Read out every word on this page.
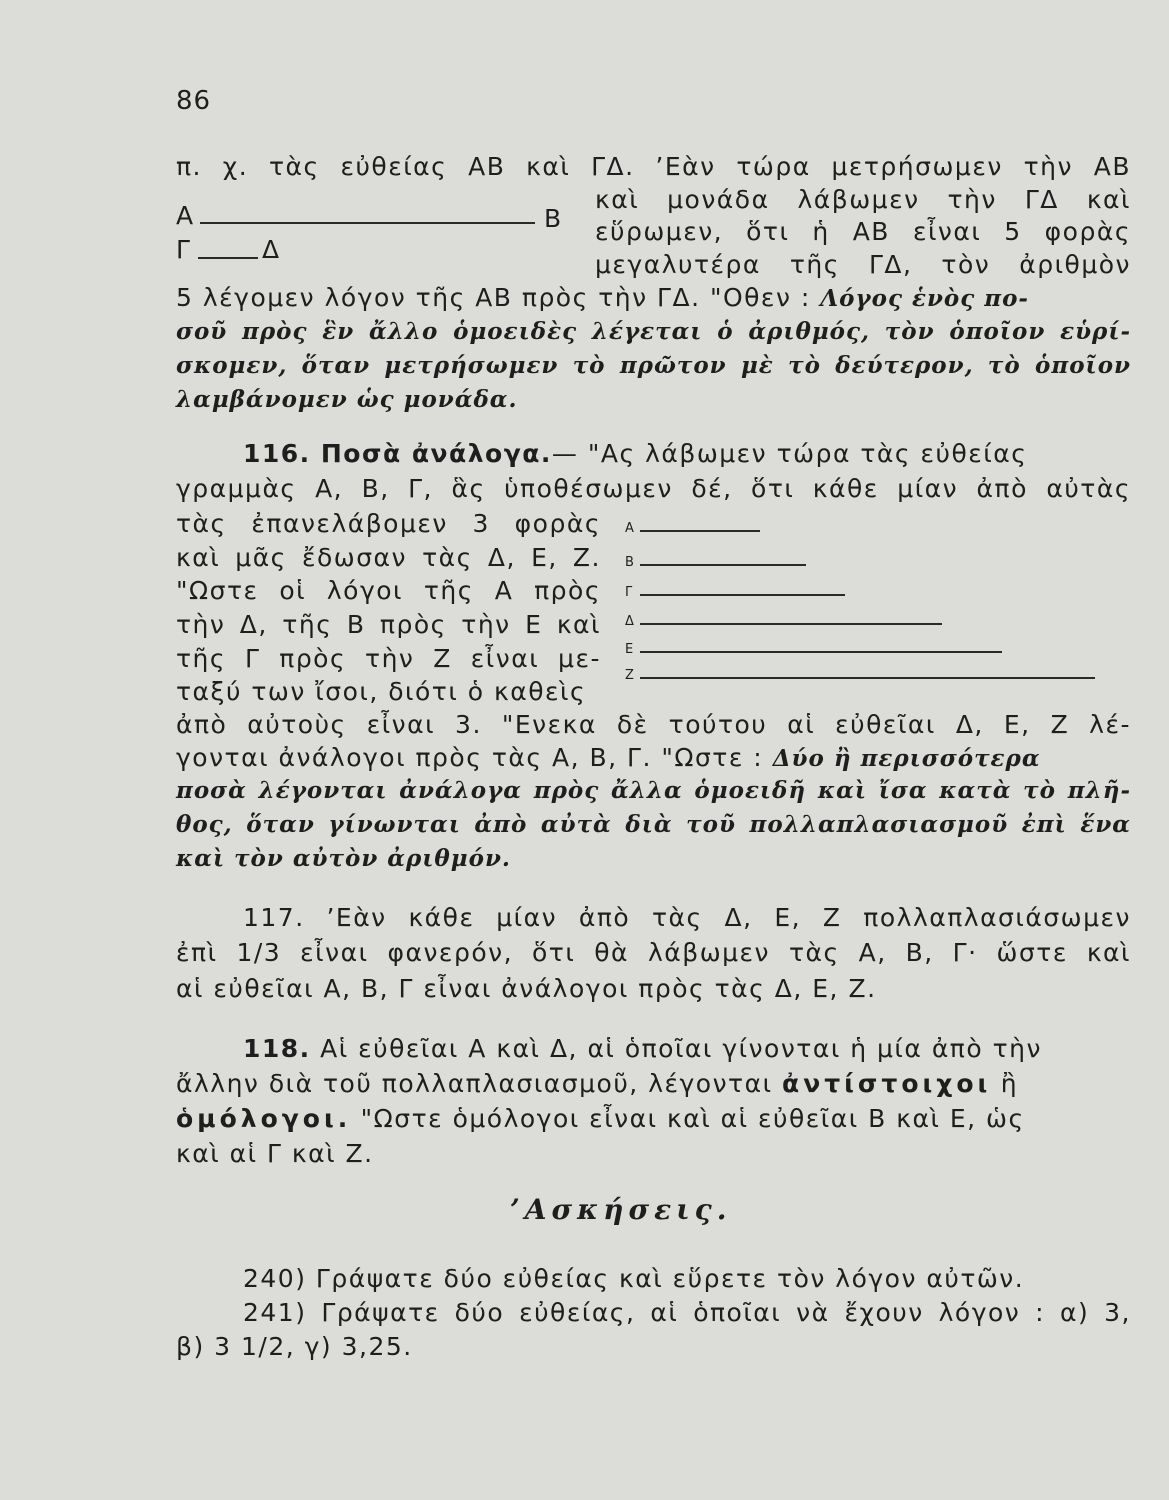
86
π. χ. τὰς εὐθείας ΑΒ καὶ ΓΔ. ’Εὰν τώρα μετρήσωμεν τὴν ΑΒ
Α	Β
Γ	Δ
καὶ μονάδα λάβωμεν τὴν ΓΔ καὶ
εὕρωμεν, ὅτι ἡ ΑΒ εἶναι 5 φορὰς
μεγαλυτέρα τῆς ΓΔ, τὸν ἀριθμὸν
5 λέγομεν λόγον τῆς ΑΒ πρὸς τὴν ΓΔ. "Οθεν : Λόγος ἑνὸς πο-
σοῦ πρὸς ἓν ἄλλο ὁμοειδὲς λέγεται ὁ ἀριθμός, τὸν ὁποῖον εὑρί-
σκομεν, ὅταν μετρήσωμεν τὸ πρῶτον μὲ τὸ δεύτερον, τὸ ὁποῖον
λαμβάνομεν ὡς μονάδα.
116. Ποσὰ ἀνάλογα.— "Ας λάβωμεν τώρα τὰς εὐθείας
γραμμὰς Α, Β, Γ, ἃς ὑποθέσωμεν δέ, ὅτι κάθε μίαν ἀπὸ αὐτὰς
τὰς ἐπανελάβομεν 3 φορὰς
καὶ μᾶς ἔδωσαν τὰς Δ, Ε, Ζ.
"Ωστε οἱ λόγοι τῆς Α πρὸς
τὴν Δ, τῆς Β πρὸς τὴν Ε καὶ
τῆς Γ πρὸς τὴν Ζ εἶναι με-
ταξύ των ἴσοι, διότι ὁ καθεὶς
Α
Β
Γ
Δ
Ε
Ζ
ἀπὸ αὐτοὺς εἶναι 3. "Ενεκα δὲ τούτου αἱ εὐθεῖαι Δ, Ε, Ζ λέ-
γονται ἀνάλογοι πρὸς τὰς Α, Β, Γ. "Ωστε : Δύο ἢ περισσότερα
ποσὰ λέγονται ἀνάλογα πρὸς ἄλλα ὁμοειδῆ καὶ ἴσα κατὰ τὸ πλῆ-
θος, ὅταν γίνωνται ἀπὸ αὐτὰ διὰ τοῦ πολλαπλασιασμοῦ ἐπὶ ἕνα
καὶ τὸν αὐτὸν ἀριθμόν.
117. ’Εὰν κάθε μίαν ἀπὸ τὰς Δ, Ε, Ζ πολλαπλασιάσωμεν
ἐπὶ 1/3 εἶναι φανερόν, ὅτι θὰ λάβωμεν τὰς Α, Β, Γ· ὥστε καὶ
αἱ εὐθεῖαι Α, Β, Γ εἶναι ἀνάλογοι πρὸς τὰς Δ, Ε, Ζ.
118. Αἱ εὐθεῖαι Α καὶ Δ, αἱ ὁποῖαι γίνονται ἡ μία ἀπὸ τὴν
ἄλλην διὰ τοῦ πολλαπλασιασμοῦ, λέγονται ἀντίστοιχοι ἢ
ὁμόλογοι. "Ωστε ὁμόλογοι εἶναι καὶ αἱ εὐθεῖαι Β καὶ Ε, ὡς
καὶ αἱ Γ καὶ Ζ.
’Ασκήσεις.
240) Γράψατε δύο εὐθείας καὶ εὕρετε τὸν λόγον αὐτῶν.
241) Γράψατε δύο εὐθείας, αἱ ὁποῖαι νὰ ἔχουν λόγον : α) 3,
β) 3 1/2, γ) 3,25.
